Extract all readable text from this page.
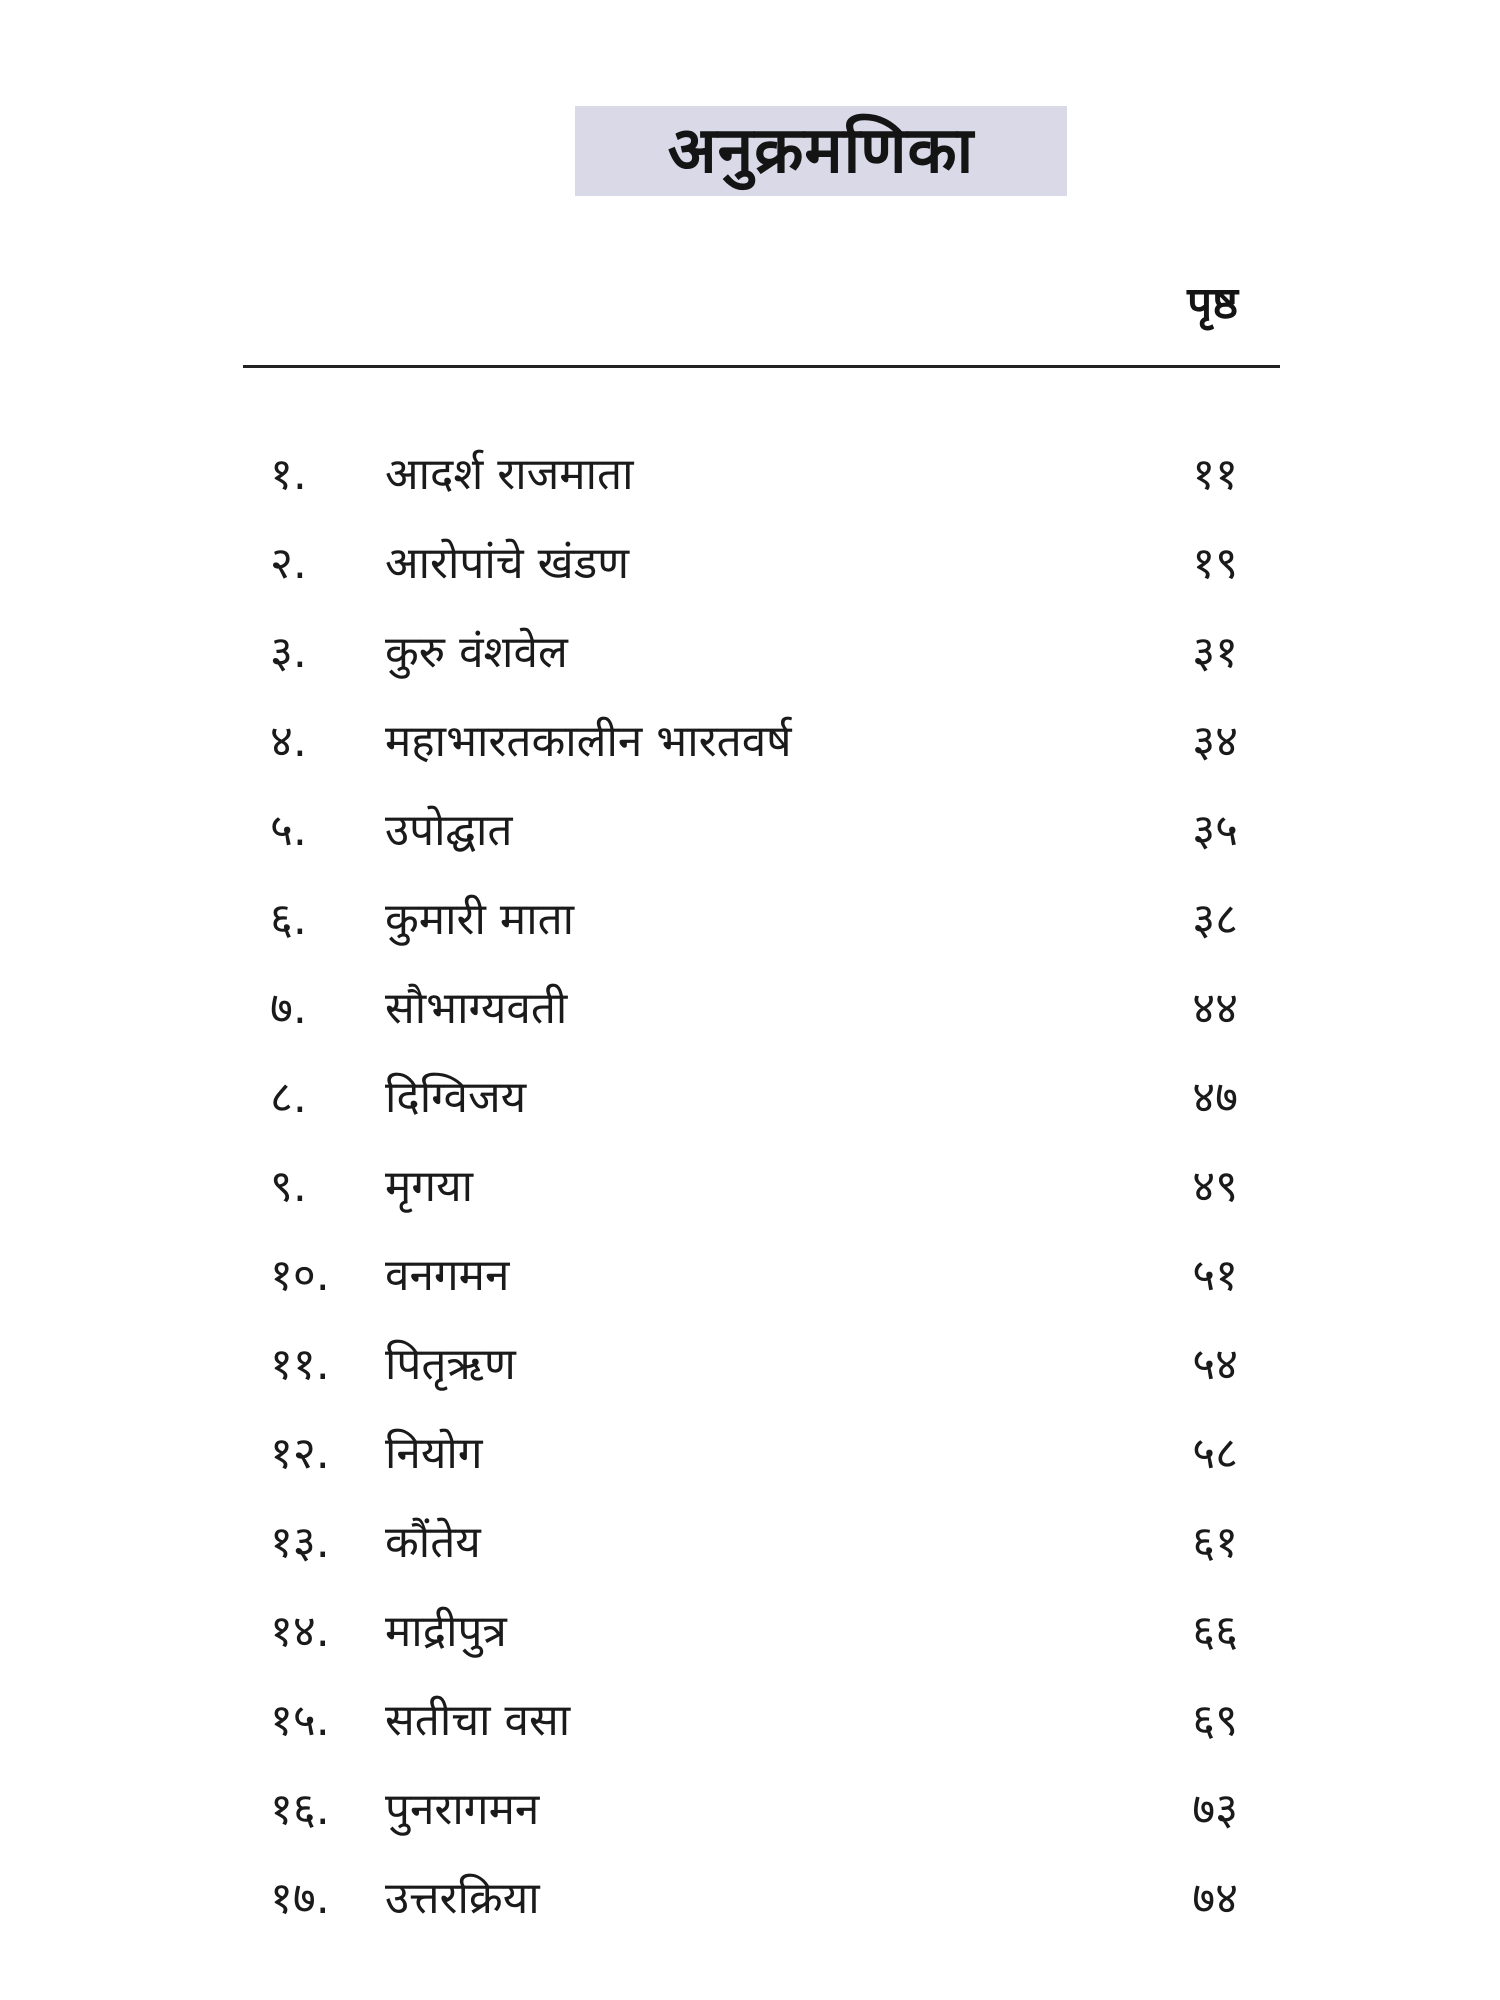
अनुक्रमणिका
पृष्ठ
१. आदर्श राजमाता	११
२. आरोपांचे खंडण	१९
३. कुरु वंशवेल	३१
४. महाभारतकालीन भारतवर्ष	३४
५. उपोद्घात	३५
६. कुमारी माता	३८
७. सौभाग्यवती	४४
८. दिग्विजय	४७
९. मृगया	४९
१०. वनगमन	५१
११. पितृऋण	५४
१२. नियोग	५८
१३. कौंतेय	६१
१४. माद्रीपुत्र	६६
१५. सतीचा वसा	६९
१६. पुनरागमन	७३
१७. उत्तरक्रिया	७४
